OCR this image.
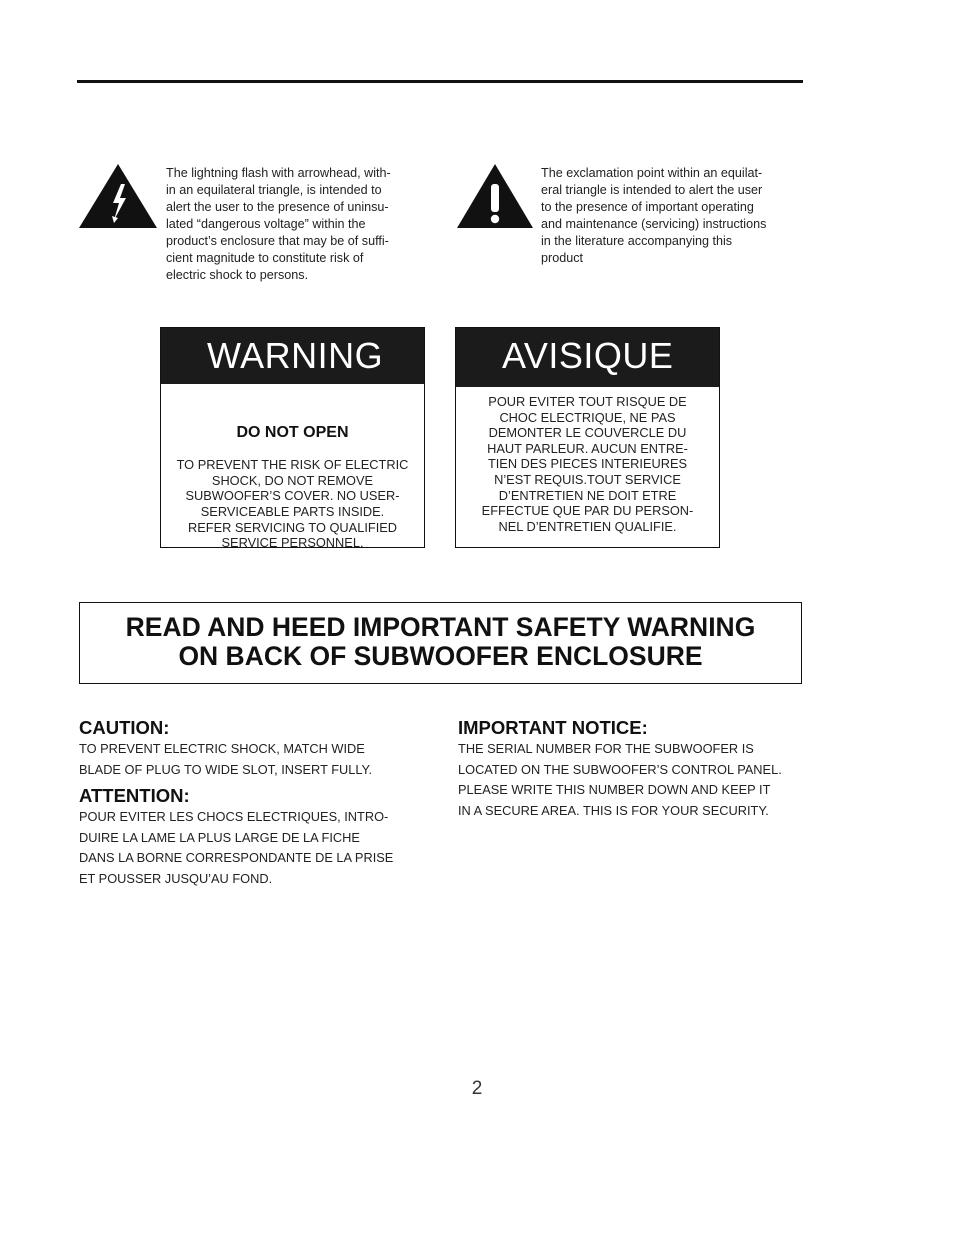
The lightning flash with arrowhead, with-
in an equilateral triangle, is intended to
alert the user to the presence of uninsu-
lated “dangerous voltage” within the
product’s enclosure that may be of suffi-
cient magnitude to constitute risk of
electric shock to persons.
The exclamation point within an equilat-
eral triangle is intended to alert the user
to the presence of important operating
and maintenance (servicing) instructions
in the literature accompanying this
product
WARNING

DO NOT OPEN

TO PREVENT THE RISK OF ELECTRIC
SHOCK, DO NOT REMOVE
SUBWOOFER’S COVER. NO USER-
SERVICEABLE PARTS INSIDE.
REFER SERVICING TO QUALIFIED
SERVICE PERSONNEL.

AVISIQUE
POUR EVITER TOUT RISQUE DE
CHOC ELECTRIQUE, NE PAS
DEMONTER LE COUVERCLE DU
HAUT PARLEUR. AUCUN ENTRE-
TIEN DES PIECES INTERIEURES
N’EST REQUIS.TOUT SERVICE
D’ENTRETIEN NE DOIT ETRE
EFFECTUE QUE PAR DU PERSON-
NEL D’ENTRETIEN QUALIFIE.
READ AND HEED IMPORTANT SAFETY WARNING
ON BACK OF SUBWOOFER ENCLOSURE
CAUTION:
TO PREVENT ELECTRIC SHOCK, MATCH WIDE
BLADE OF PLUG TO WIDE SLOT, INSERT FULLY.
ATTENTION:
POUR EVITER LES CHOCS ELECTRIQUES, INTRO-
DUIRE LA LAME LA PLUS LARGE DE LA FICHE
DANS LA BORNE CORRESPONDANTE DE LA PRISE
ET POUSSER JUSQU’AU FOND.
IMPORTANT NOTICE:
THE SERIAL NUMBER FOR THE SUBWOOFER IS
LOCATED ON THE SUBWOOFER’S CONTROL PANEL.
PLEASE WRITE THIS NUMBER DOWN AND KEEP IT
IN A SECURE AREA. THIS IS FOR YOUR SECURITY.
2
